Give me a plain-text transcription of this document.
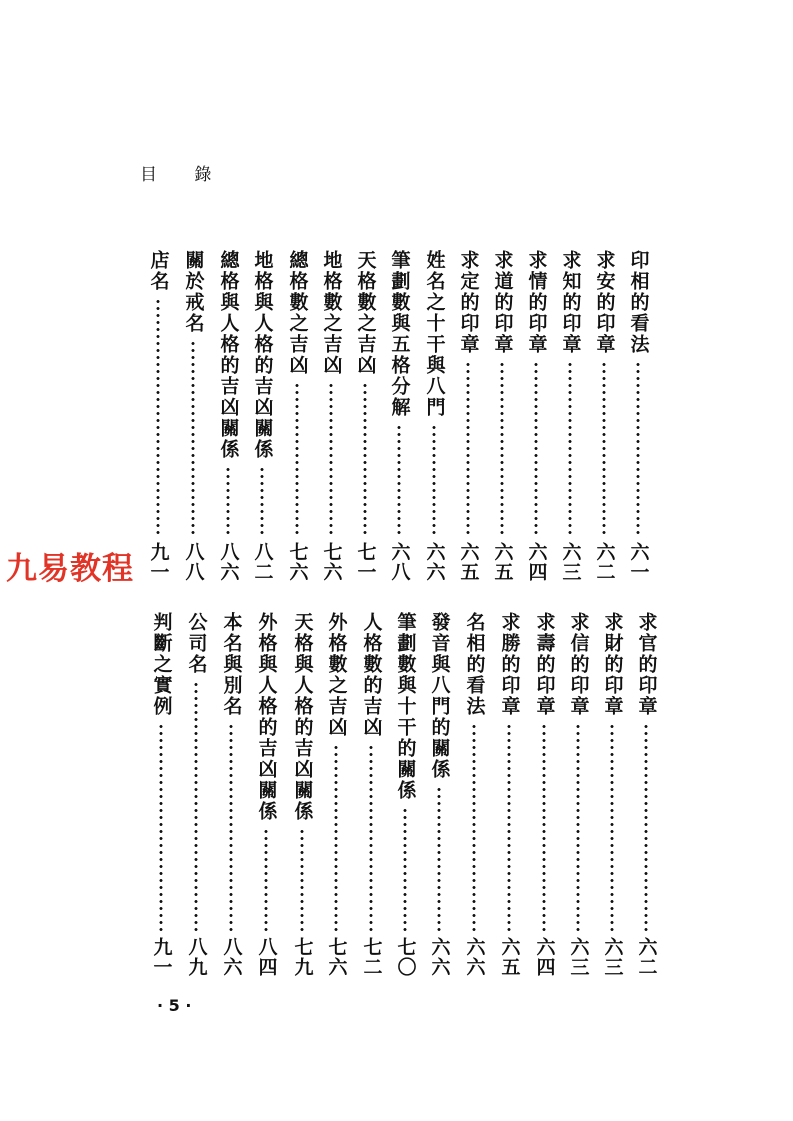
目 錄
印相的看法
六一
求安的印章
六二
求知的印章
六三
求情的印章
六四
求道的印章
六五
求定的印章
六五
姓名之十干與八門
六六
筆劃數與五格分解
六八
天格數之吉凶
七一
地格數之吉凶
七六
總格數之吉凶
七六
地格與人格的吉凶關係
八二
總格與人格的吉凶關係
八六
關於戒名
八八
店名
九一
九易教程
求官的印章
六二
求財的印章
六三
求信的印章
六三
求壽的印章
六四
求勝的印章
六五
名相的看法
六六
發音與八門的關係
六六
筆劃數與十干的關係
七〇
人格數的吉凶
七二
外格數之吉凶
七六
天格與人格的吉凶關係
七九
外格與人格的吉凶關係
八四
本名與別名
八六
公司名
八九
判斷之實例
九一
· 5 ·
